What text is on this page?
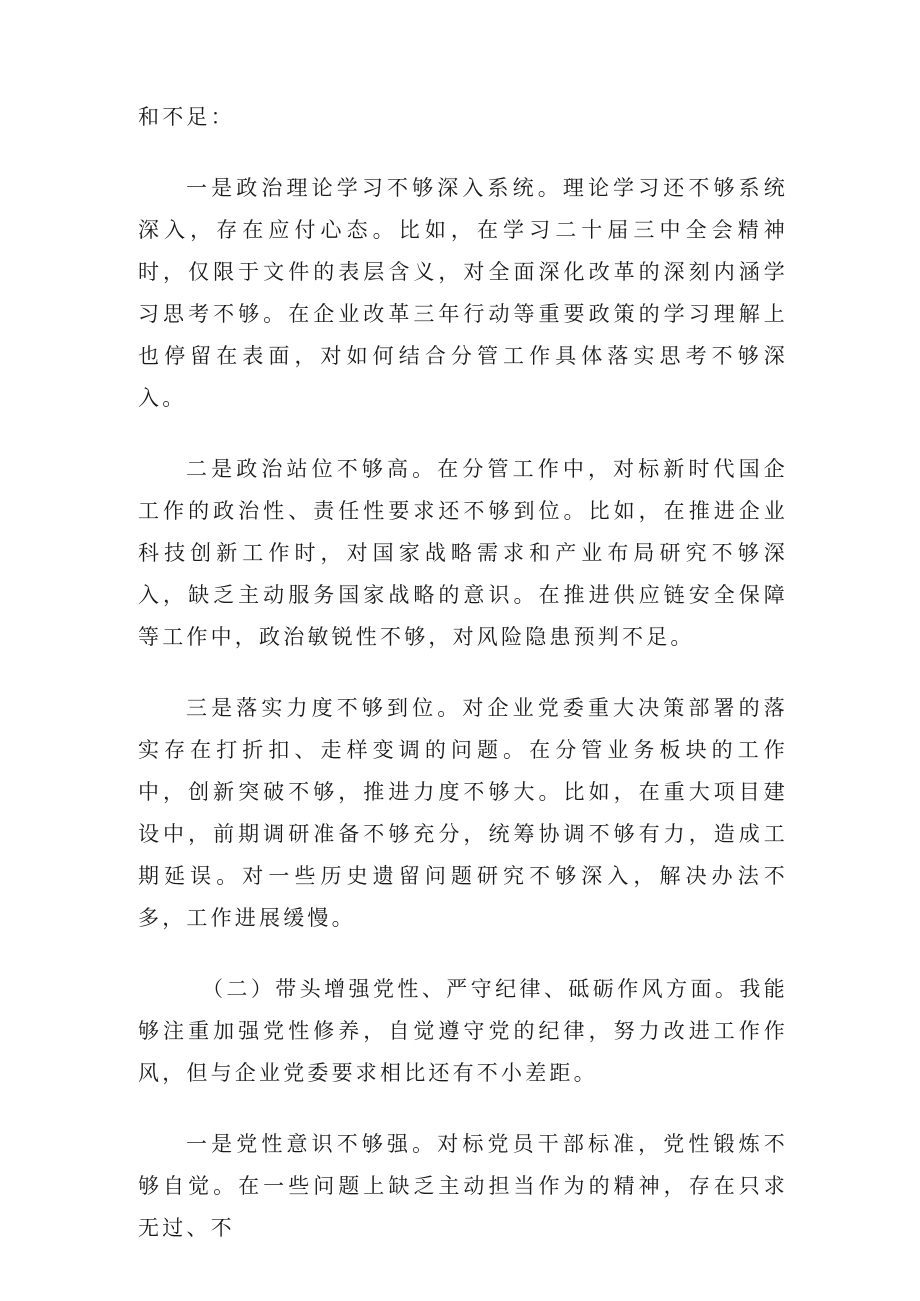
和不足：

一是政治理论学习不够深入系统。理论学习还不够系统深入，存在应付心态。比如，在学习二十届三中全会精神时，仅限于文件的表层含义，对全面深化改革的深刻内涵学习思考不够。在企业改革三年行动等重要政策的学习理解上也停留在表面，对如何结合分管工作具体落实思考不够深入。

二是政治站位不够高。在分管工作中，对标新时代国企工作的政治性、责任性要求还不够到位。比如，在推进企业科技创新工作时，对国家战略需求和产业布局研究不够深入，缺乏主动服务国家战略的意识。在推进供应链安全保障等工作中，政治敏锐性不够，对风险隐患预判不足。

三是落实力度不够到位。对企业党委重大决策部署的落实存在打折扣、走样变调的问题。在分管业务板块的工作中，创新突破不够，推进力度不够大。比如，在重大项目建设中，前期调研准备不够充分，统筹协调不够有力，造成工期延误。对一些历史遗留问题研究不够深入，解决办法不多，工作进展缓慢。

（二）带头增强党性、严守纪律、砥砺作风方面。我能够注重加强党性修养，自觉遵守党的纪律，努力改进工作作风，但与企业党委要求相比还有不小差距。

一是党性意识不够强。对标党员干部标准，党性锻炼不够自觉。在一些问题上缺乏主动担当作为的精神，存在只求无过、不
